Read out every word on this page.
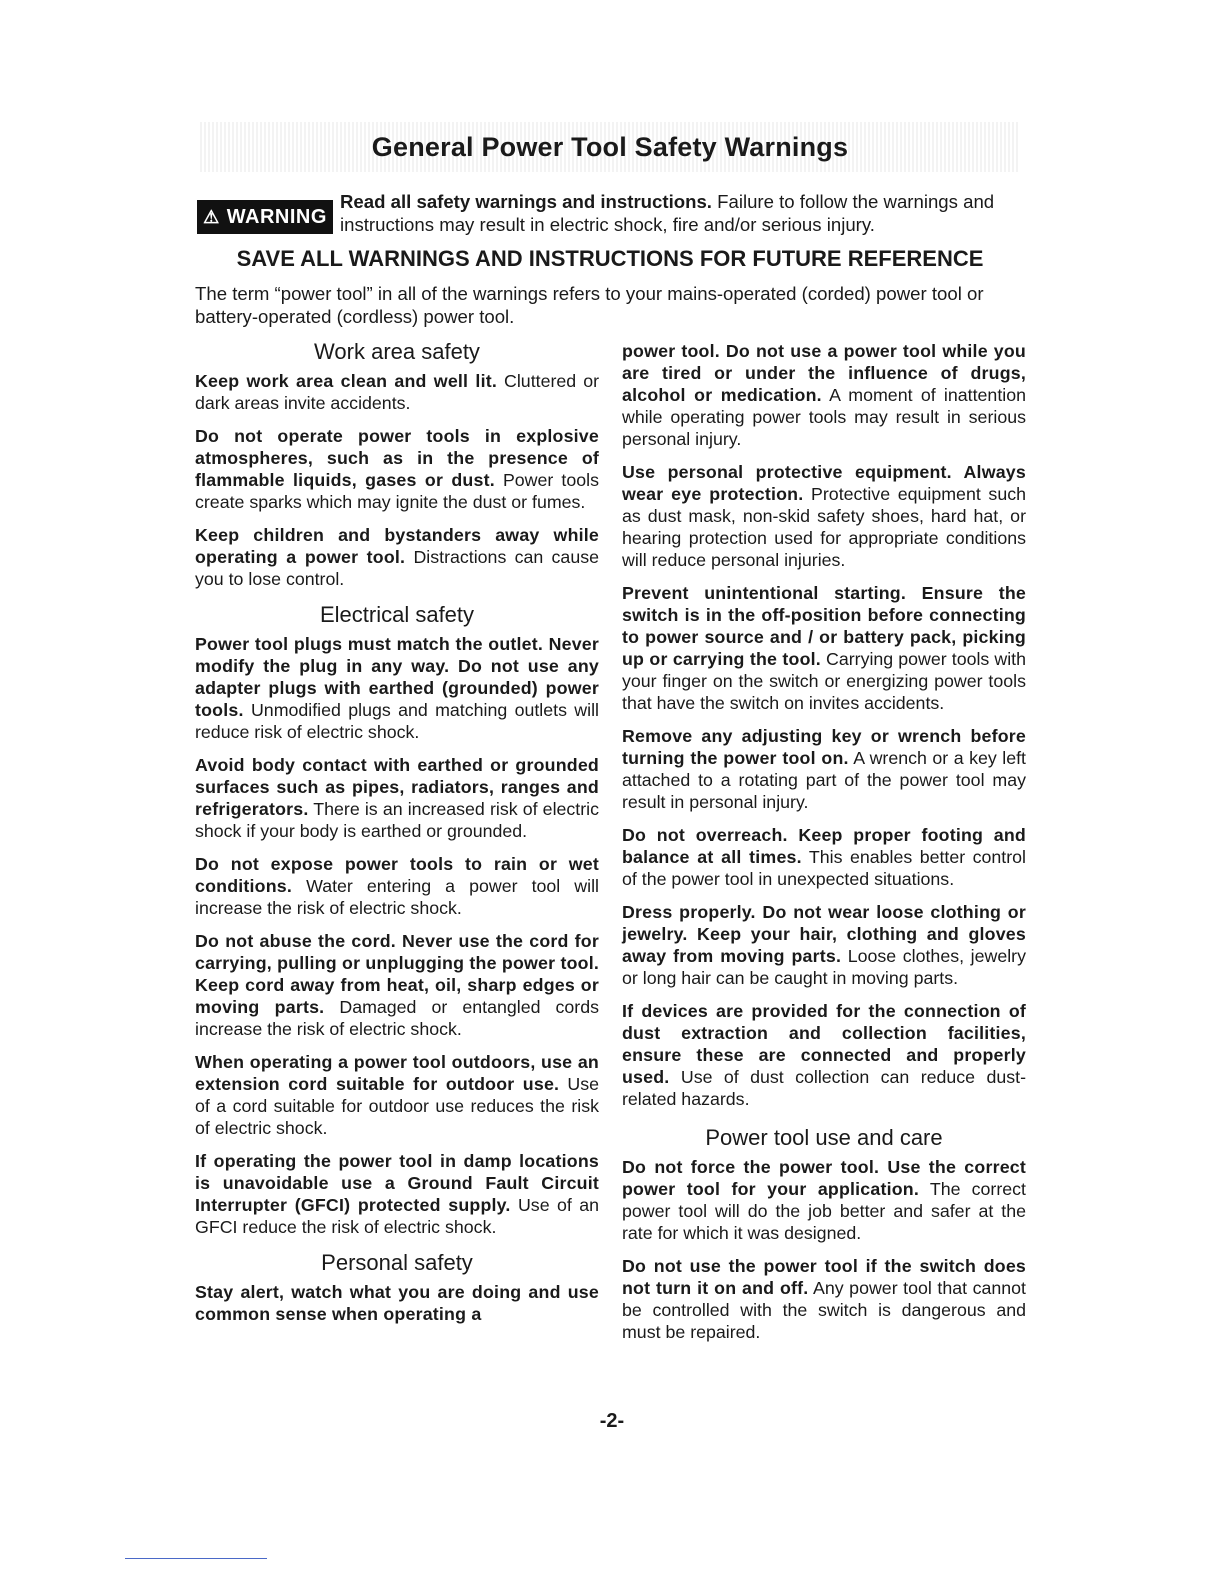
General Power Tool Safety Warnings
⚠ WARNING
Read all safety warnings and instructions. Failure to follow the warnings and instructions may result in electric shock, fire and/or serious injury.
SAVE ALL WARNINGS AND INSTRUCTIONS FOR FUTURE REFERENCE
The term “power tool” in all of the warnings refers to your mains-operated (corded) power tool or battery-operated (cordless) power tool.
Work area safety

Keep work area clean and well lit. Cluttered or dark areas invite accidents.

Do not operate power tools in explosive atmospheres, such as in the presence of flammable liquids, gases or dust. Power tools create sparks which may ignite the dust or fumes.

Keep children and bystanders away while operating a power tool. Distractions can cause you to lose control.

Electrical safety

Power tool plugs must match the outlet. Never modify the plug in any way. Do not use any adapter plugs with earthed (grounded) power tools. Unmodified plugs and matching outlets will reduce risk of electric shock.

Avoid body contact with earthed or grounded surfaces such as pipes, radiators, ranges and refrigerators. There is an increased risk of electric shock if your body is earthed or grounded.

Do not expose power tools to rain or wet conditions. Water entering a power tool will increase the risk of electric shock.

Do not abuse the cord. Never use the cord for carrying, pulling or unplugging the power tool. Keep cord away from heat, oil, sharp edges or moving parts. Damaged or entangled cords increase the risk of electric shock.

When operating a power tool outdoors, use an extension cord suitable for outdoor use. Use of a cord suitable for outdoor use reduces the risk of electric shock.

If operating the power tool in damp locations is unavoidable use a Ground Fault Circuit Interrupter (GFCI) protected supply. Use of an GFCI reduce the risk of electric shock.

Personal safety

Stay alert, watch what you are doing and use common sense when operating a

power tool. Do not use a power tool while you are tired or under the influence of drugs, alcohol or medication. A moment of inattention while operating power tools may result in serious personal injury.

Use personal protective equipment. Always wear eye protection. Protective equipment such as dust mask, non-skid safety shoes, hard hat, or hearing protection used for appropriate conditions will reduce personal injuries.

Prevent unintentional starting. Ensure the switch is in the off-position before connecting to power source and / or battery pack, picking up or carrying the tool. Carrying power tools with your finger on the switch or energizing power tools that have the switch on invites accidents.

Remove any adjusting key or wrench before turning the power tool on. A wrench or a key left attached to a rotating part of the power tool may result in personal injury.

Do not overreach. Keep proper footing and balance at all times. This enables better control of the power tool in unexpected situations.

Dress properly. Do not wear loose clothing or jewelry. Keep your hair, clothing and gloves away from moving parts. Loose clothes, jewelry or long hair can be caught in moving parts.

If devices are provided for the connection of dust extraction and collection facilities, ensure these are connected and properly used. Use of dust collection can reduce dust-related hazards.

Power tool use and care

Do not force the power tool. Use the correct power tool for your application. The correct power tool will do the job better and safer at the rate for which it was designed.

Do not use the power tool if the switch does not turn it on and off. Any power tool that cannot be controlled with the switch is dangerous and must be repaired.

-2-
